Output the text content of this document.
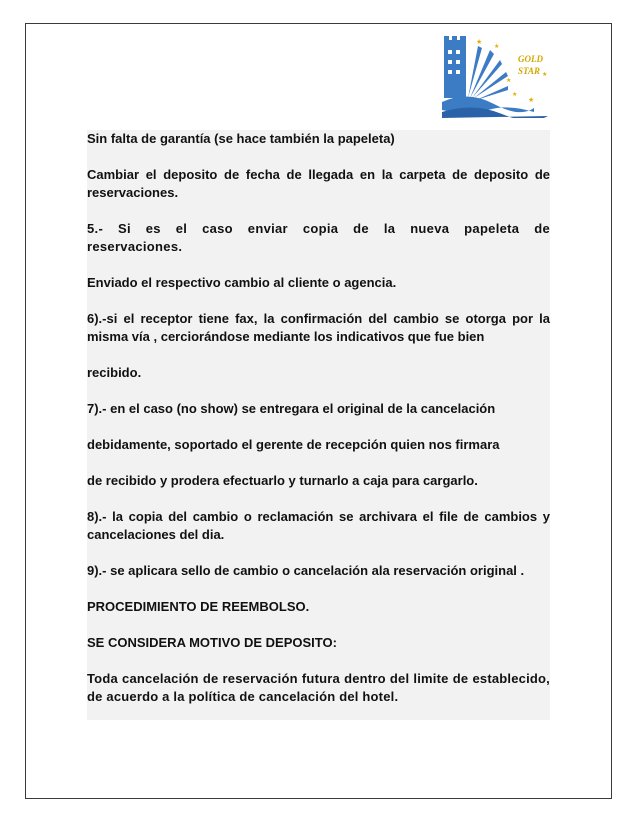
★
★
★
★
★
★
GOLD
STAR

Sin falta de garantía (se hace también la papeleta)

Cambiar el deposito de fecha de llegada en la carpeta de deposito de reservaciones.

5.- Si es el caso enviar copia de la nueva papeleta de reservaciones.

Enviado el respectivo cambio al cliente o agencia.

6).-si el receptor tiene fax, la confirmación del cambio se otorga por la misma vía , cerciorándose mediante los indicativos que fue bien

recibido.

7).- en el caso (no show) se entregara el original de la cancelación

debidamente, soportado el gerente de recepción quien nos firmara

de recibido y prodera efectuarlo y turnarlo a caja para cargarlo.

8).- la copia del cambio o reclamación se archivara el file de cambios y cancelaciones del dia.

9).- se aplicara sello de cambio o cancelación ala reservación original .

PROCEDIMIENTO DE REEMBOLSO.

SE CONSIDERA MOTIVO DE DEPOSITO:

Toda cancelación de reservación futura dentro del limite de establecido, de acuerdo a la política de cancelación del hotel.
